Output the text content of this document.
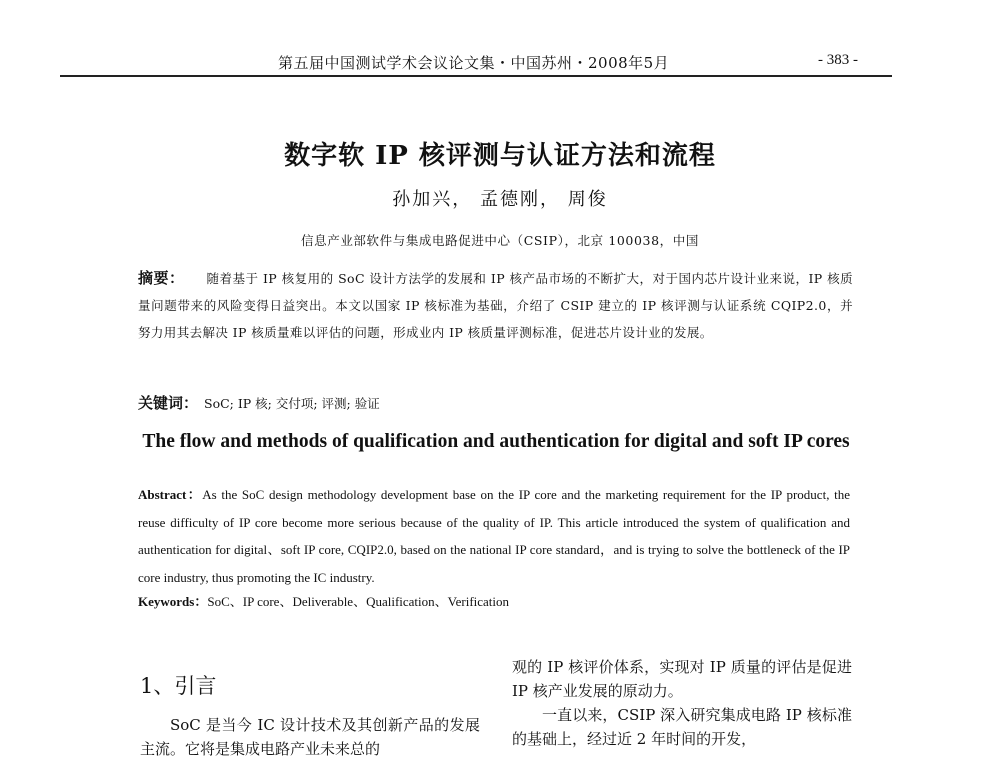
第五届中国测试学术会议论文集・中国苏州・2008年5月	- 383 -
数字软 IP 核评测与认证方法和流程
孙加兴， 孟德刚， 周俊
信息产业部软件与集成电路促进中心（CSIP），北京 100038，中国
摘要： 随着基于 IP 核复用的 SoC 设计方法学的发展和 IP 核产品市场的不断扩大，对于国内芯片设计业来说，IP 核质量问题带来的风险变得日益突出。本文以国家 IP 核标准为基础，介绍了 CSIP 建立的 IP 核评测与认证系统 CQIP2.0，并努力用其去解决 IP 核质量难以评估的问题，形成业内 IP 核质量评测标准，促进芯片设计业的发展。
关键词： SoC; IP 核; 交付项; 评测; 验证
The flow and methods of qualification and authentication for digital and soft IP cores
Abstract：As the SoC design methodology development base on the IP core and the marketing requirement for the IP product, the reuse difficulty of IP core become more serious because of the quality of IP. This article introduced the system of qualification and authentication for digital、soft IP core, CQIP2.0, based on the national IP core standard，and is trying to solve the bottleneck of the IP core industry, thus promoting the IC industry.
Keywords：SoC、IP core、Deliverable、Qualification、Verification
1、引言

SoC 是当今 IC 设计技术及其创新产品的发展主流。它将是集成电路产业未来总的

观的 IP 核评价体系，实现对 IP 质量的评估是促进 IP 核产业发展的原动力。

一直以来，CSIP 深入研究集成电路 IP 核标准的基础上，经过近 2 年时间的开发，
